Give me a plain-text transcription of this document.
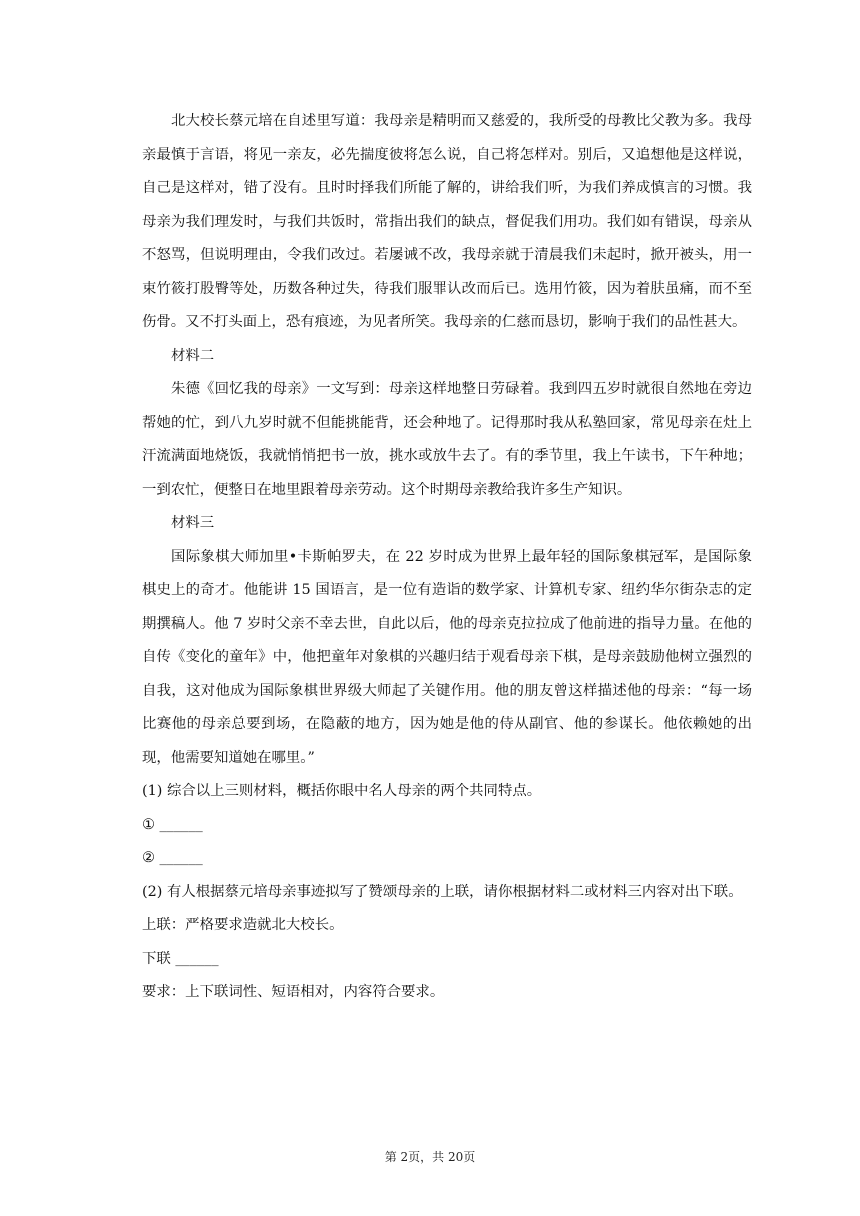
北大校长蔡元培在自述里写道：我母亲是精明而又慈爱的，我所受的母教比父教为多。我母亲最慎于言语，将见一亲友，必先揣度彼将怎么说，自己将怎样对。别后，又追想他是这样说，自己是这样对，错了没有。且时时择我们所能了解的，讲给我们听，为我们养成慎言的习惯。我母亲为我们理发时，与我们共饭时，常指出我们的缺点，督促我们用功。我们如有错误，母亲从不怒骂，但说明理由，令我们改过。若屡诫不改，我母亲就于清晨我们未起时，掀开被头，用一束竹筱打股臀等处，历数各种过失，待我们服罪认改而后已。选用竹筱，因为着肤虽痛，而不至伤骨。又不打头面上，恐有痕迹，为见者所笑。我母亲的仁慈而恳切，影响于我们的品性甚大。

材料二

朱德《回忆我的母亲》一文写到：母亲这样地整日劳碌着。我到四五岁时就很自然地在旁边帮她的忙，到八九岁时就不但能挑能背，还会种地了。记得那时我从私塾回家，常见母亲在灶上汗流满面地烧饭，我就悄悄把书一放，挑水或放牛去了。有的季节里，我上午读书，下午种地；一到农忙，便整日在地里跟着母亲劳动。这个时期母亲教给我许多生产知识。

材料三

国际象棋大师加里•卡斯帕罗夫，在 22 岁时成为世界上最年轻的国际象棋冠军，是国际象棋史上的奇才。他能讲 15 国语言，是一位有造诣的数学家、计算机专家、纽约华尔街杂志的定期撰稿人。他 7 岁时父亲不幸去世，自此以后，他的母亲克拉拉成了他前进的指导力量。在他的自传《变化的童年》中，他把童年对象棋的兴趣归结于观看母亲下棋，是母亲鼓励他树立强烈的自我，这对他成为国际象棋世界级大师起了关键作用。他的朋友曾这样描述他的母亲：“每一场比赛他的母亲总要到场，在隐蔽的地方，因为她是他的侍从副官、他的参谋长。他依赖她的出现，他需要知道她在哪里。”

(1) 综合以上三则材料，概括你眼中名人母亲的两个共同特点。

① ______

② ______

(2) 有人根据蔡元培母亲事迹拟写了赞颂母亲的上联，请你根据材料二或材料三内容对出下联。

上联：严格要求造就北大校长。

下联 ______

要求：上下联词性、短语相对，内容符合要求。

第 2页，共 20页
